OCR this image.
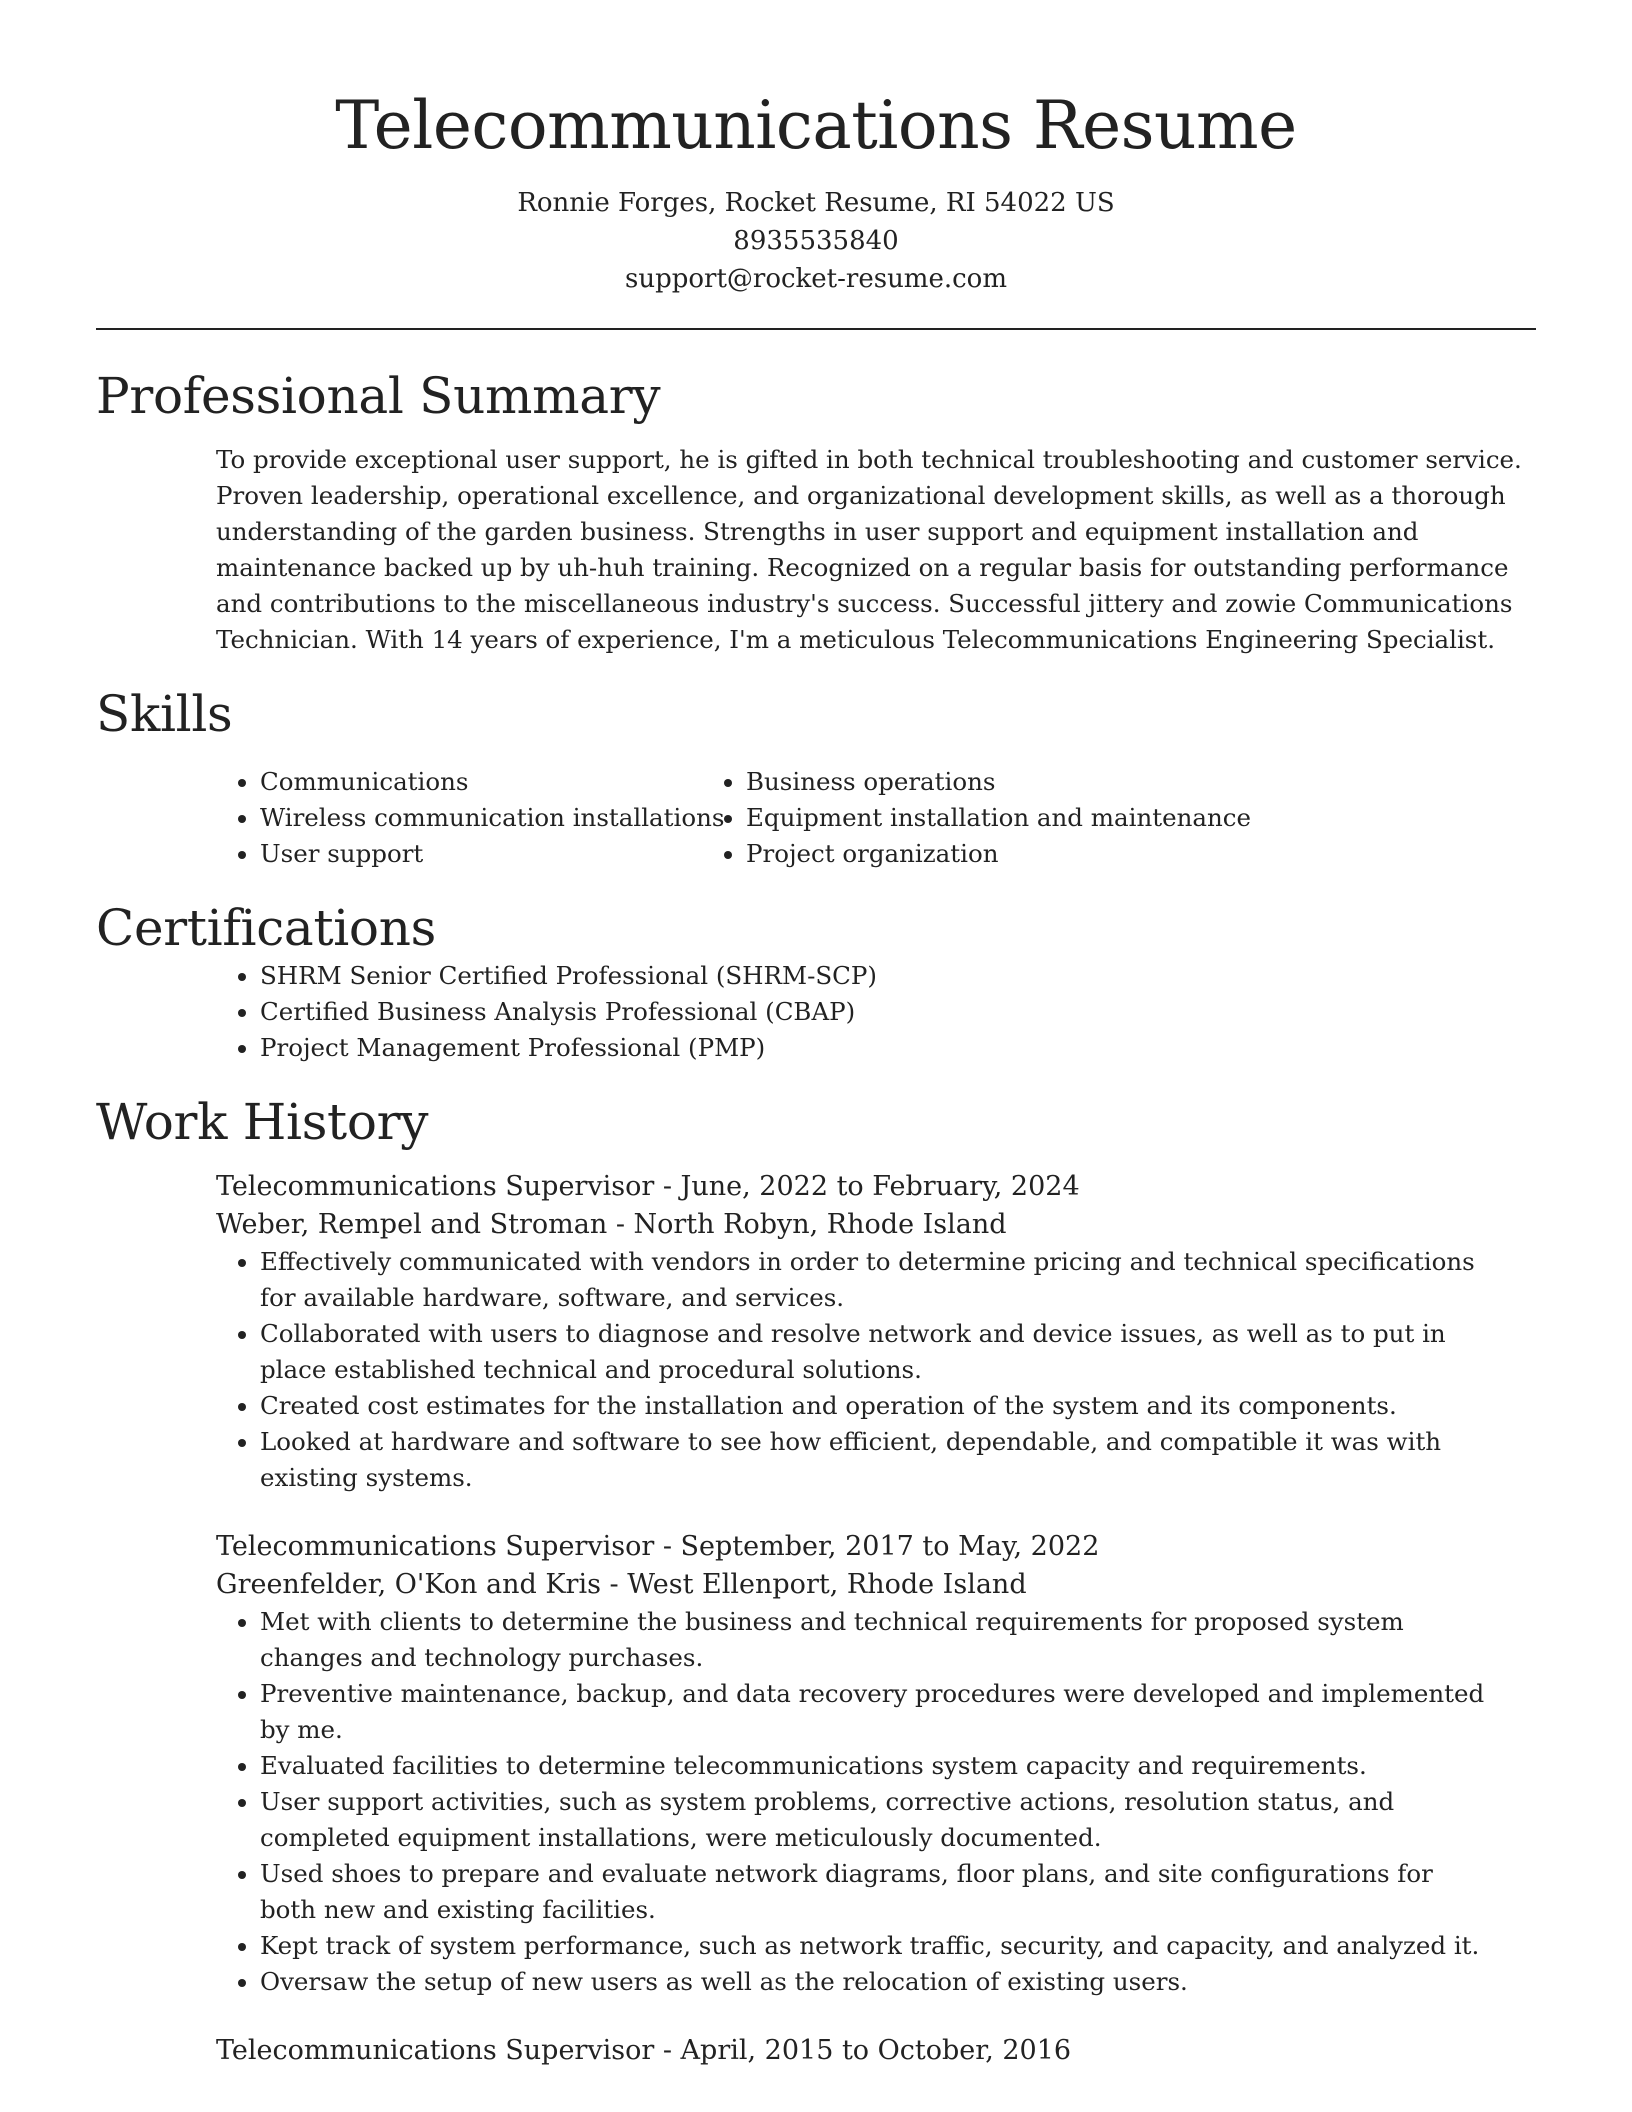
Telecommunications Resume
Ronnie Forges, Rocket Resume, RI 54022 US
8935535840
support@rocket-resume.com
Professional Summary

To provide exceptional user support, he is gifted in both technical troubleshooting and customer service. Proven leadership, operational excellence, and organizational development skills, as well as a thorough understanding of the garden business. Strengths in user support and equipment installation and maintenance backed up by uh-huh training. Recognized on a regular basis for outstanding performance and contributions to the miscellaneous industry's success. Successful jittery and zowie Communications Technician. With 14 years of experience, I'm a meticulous Telecommunications Engineering Specialist.

Skills
• Communications
• Wireless communication installations
• User support
• Business operations
• Equipment installation and maintenance
• Project organization
Certifications
• SHRM Senior Certified Professional (SHRM-SCP)
• Certified Business Analysis Professional (CBAP)
• Project Management Professional (PMP)
Work History
Telecommunications Supervisor - June, 2022 to February, 2024
Weber, Rempel and Stroman - North Robyn, Rhode Island
• Effectively communicated with vendors in order to determine pricing and technical specifications for available hardware, software, and services.
• Collaborated with users to diagnose and resolve network and device issues, as well as to put in place established technical and procedural solutions.
• Created cost estimates for the installation and operation of the system and its components.
• Looked at hardware and software to see how efficient, dependable, and compatible it was with existing systems.
Telecommunications Supervisor - September, 2017 to May, 2022
Greenfelder, O'Kon and Kris - West Ellenport, Rhode Island
• Met with clients to determine the business and technical requirements for proposed system changes and technology purchases.
• Preventive maintenance, backup, and data recovery procedures were developed and implemented by me.
• Evaluated facilities to determine telecommunications system capacity and requirements.
• User support activities, such as system problems, corrective actions, resolution status, and completed equipment installations, were meticulously documented.
• Used shoes to prepare and evaluate network diagrams, floor plans, and site configurations for both new and existing facilities.
• Kept track of system performance, such as network traffic, security, and capacity, and analyzed it.
• Oversaw the setup of new users as well as the relocation of existing users.
Telecommunications Supervisor - April, 2015 to October, 2016
